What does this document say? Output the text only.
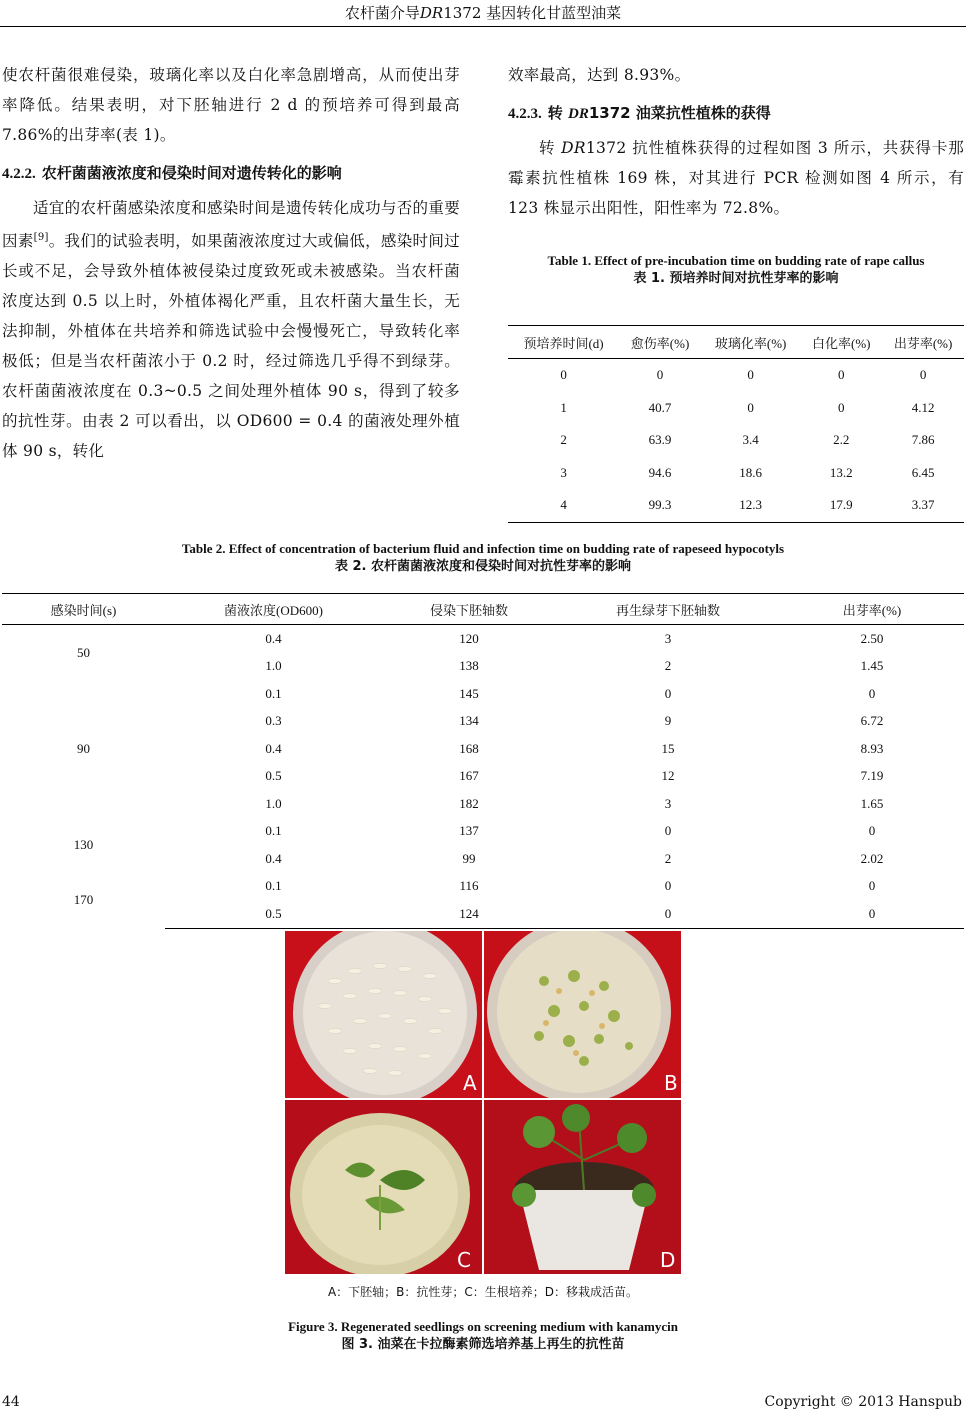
农杆菌介导DR1372 基因转化甘蓝型油菜

使农杆菌很难侵染，玻璃化率以及白化率急剧增高，从而使出芽率降低。结果表明，对下胚轴进行 2 d 的预培养可得到最高 7.86%的出芽率(表 1)。

4.2.2. 农杆菌菌液浓度和侵染时间对遗传转化的影响

适宜的农杆菌感染浓度和感染时间是遗传转化成功与否的重要因素[9]。我们的试验表明，如果菌液浓度过大或偏低，感染时间过长或不足，会导致外植体被侵染过度致死或未被感染。当农杆菌浓度达到 0.5 以上时，外植体褐化严重，且农杆菌大量生长，无法抑制，外植体在共培养和筛选试验中会慢慢死亡，导致转化率极低；但是当农杆菌浓小于 0.2 时，经过筛选几乎得不到绿芽。农杆菌菌液浓度在 0.3~0.5 之间处理外植体 90 s，得到了较多的抗性芽。由表 2 可以看出，以 OD600 = 0.4 的菌液处理外植体 90 s，转化

效率最高，达到 8.93%。

4.2.3. 转 DR1372 油菜抗性植株的获得

转 DR1372 抗性植株获得的过程如图 3 所示，共获得卡那霉素抗性植株 169 株，对其进行 PCR 检测如图 4 所示，有 123 株显示出阳性，阳性率为 72.8%。

Table 1. Effect of pre-incubation time on budding rate of rape callus
表 1. 预培养时间对抗性芽率的影响
预培养时间(d)	愈伤率(%)	玻璃化率(%)	白化率(%)	出芽率(%)
0	0	0	0	0
1	40.7	0	0	4.12
2	63.9	3.4	2.2	7.86
3	94.6	18.6	13.2	6.45
4	99.3	12.3	17.9	3.37
Table 2. Effect of concentration of bacterium fluid and infection time on budding rate of rapeseed hypocotyls
表 2. 农杆菌菌液浓度和侵染时间对抗性芽率的影响
感染时间(s)	菌液浓度(OD600)	侵染下胚轴数	再生绿芽下胚轴数	出芽率(%)
50	0.4	120	3	2.50
	1.0	138	2	1.45
90	0.1	145	0	0
	0.3	134	9	6.72
	0.4	168	15	8.93
	0.5	167	12	7.19
	1.0	182	3	1.65
130	0.1	137	0	0
	0.4	99	2	2.02
170	0.1	116	0	0
	0.5	124	0	0
A	B
C	D
A：下胚轴；B：抗性芽；C：生根培养；D：移栽成活苗。
Figure 3. Regenerated seedlings on screening medium with kanamycin
图 3. 油菜在卡拉酶素筛选培养基上再生的抗性苗
44	Copyright © 2013 Hanspub
